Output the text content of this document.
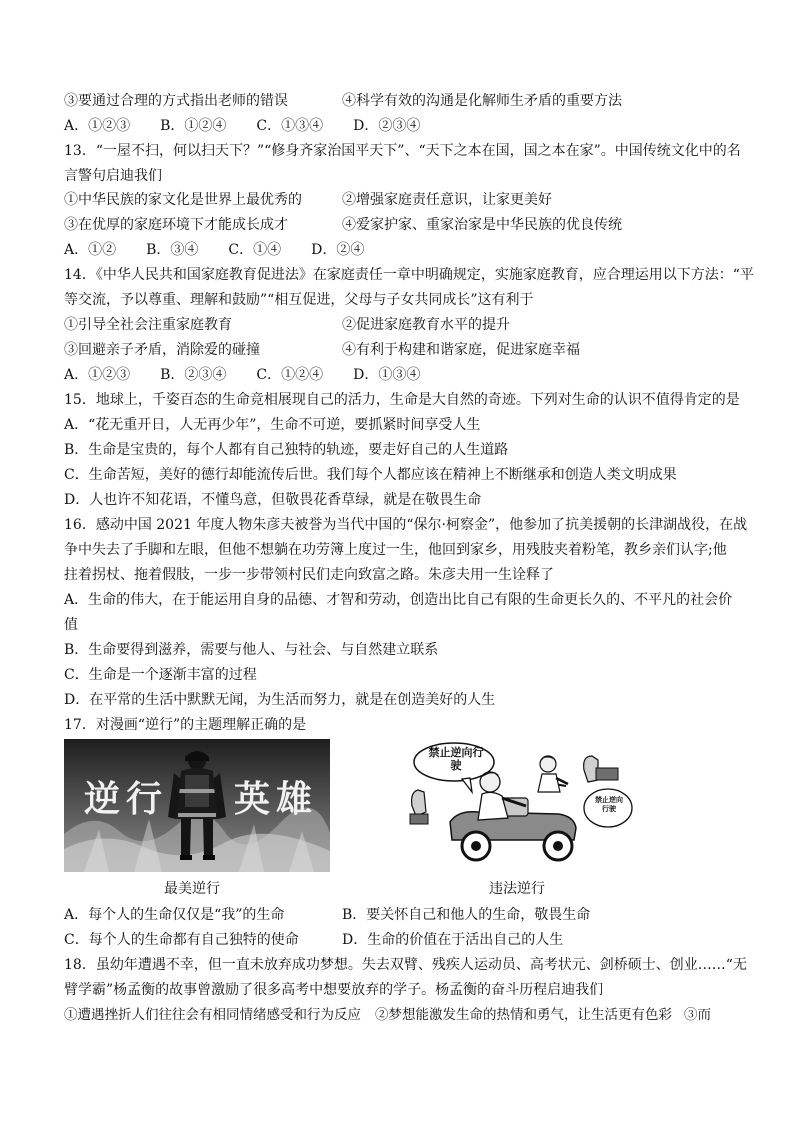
③要通过合理的方式指出老师的错误	④科学有效的沟通是化解师生矛盾的重要方法
A．①②③ B．①②④ C．①③④ D．②③④
13．“一屋不扫，何以扫天下？”“修身齐家治国平天下”、“天下之本在国，国之本在家”。中国传统文化中的名
言警句启迪我们
①中华民族的家文化是世界上最优秀的	②增强家庭责任意识，让家更美好
③在优厚的家庭环境下才能成长成才	④爱家护家、重家治家是中华民族的优良传统
A．①② B．③④ C．①④ D．②④
14．《中华人民共和国家庭教育促进法》在家庭责任一章中明确规定，实施家庭教育，应合理运用以下方法：“平
等交流，予以尊重、理解和鼓励”“相互促进，父母与子女共同成长”这有利于
①引导全社会注重家庭教育	②促进家庭教育水平的提升
③回避亲子矛盾，消除爱的碰撞	④有利于构建和谐家庭，促进家庭幸福
A．①②③ B．②③④ C．①②④ D．①③④
15．地球上，千姿百态的生命竞相展现自己的活力，生命是大自然的奇迹。下列对生命的认识不值得肯定的是
A．“花无重开日，人无再少年”，生命不可逆，要抓紧时间享受人生
B．生命是宝贵的，每个人都有自己独特的轨迹，要走好自己的人生道路
C．生命苦短，美好的德行却能流传后世。我们每个人都应该在精神上不断继承和创造人类文明成果
D．人也许不知花语，不懂鸟意，但敬畏花香草绿，就是在敬畏生命
16．感动中国 2021 年度人物朱彦夫被誉为当代中国的“保尔·柯察金”，他参加了抗美援朝的长津湖战役，在战
争中失去了手脚和左眼，但他不想躺在功劳簿上度过一生，他回到家乡，用残肢夹着粉笔，教乡亲们认字;他
拄着拐杖、拖着假肢，一步一步带领村民们走向致富之路。朱彦夫用一生诠释了
A．生命的伟大，在于能运用自身的品德、才智和劳动，创造出比自己有限的生命更长久的、不平凡的社会价
值
B．生命要得到滋养，需要与他人、与社会、与自然建立联系
C．生命是一个逐渐丰富的过程
D．在平常的生活中默默无闻，为生活而努力，就是在创造美好的人生
17．对漫画“逆行”的主题理解正确的是
逆行 英雄
最美逆行
禁止逆向行驶
禁止逆向行驶
违法逆行
A．每个人的生命仅仅是“我”的生命	B．要关怀自己和他人的生命，敬畏生命
C．每个人的生命都有自己独特的使命	D．生命的价值在于活出自己的人生
18．虽幼年遭遇不幸，但一直未放弃成功梦想。失去双臂、残疾人运动员、高考状元、剑桥硕士、创业……“无
臂学霸”杨孟衡的故事曾激励了很多高考中想要放弃的学子。杨孟衡的奋斗历程启迪我们
①遭遇挫折人们往往会有相同情绪感受和行为反应 ②梦想能激发生命的热情和勇气，让生活更有色彩 ③而
